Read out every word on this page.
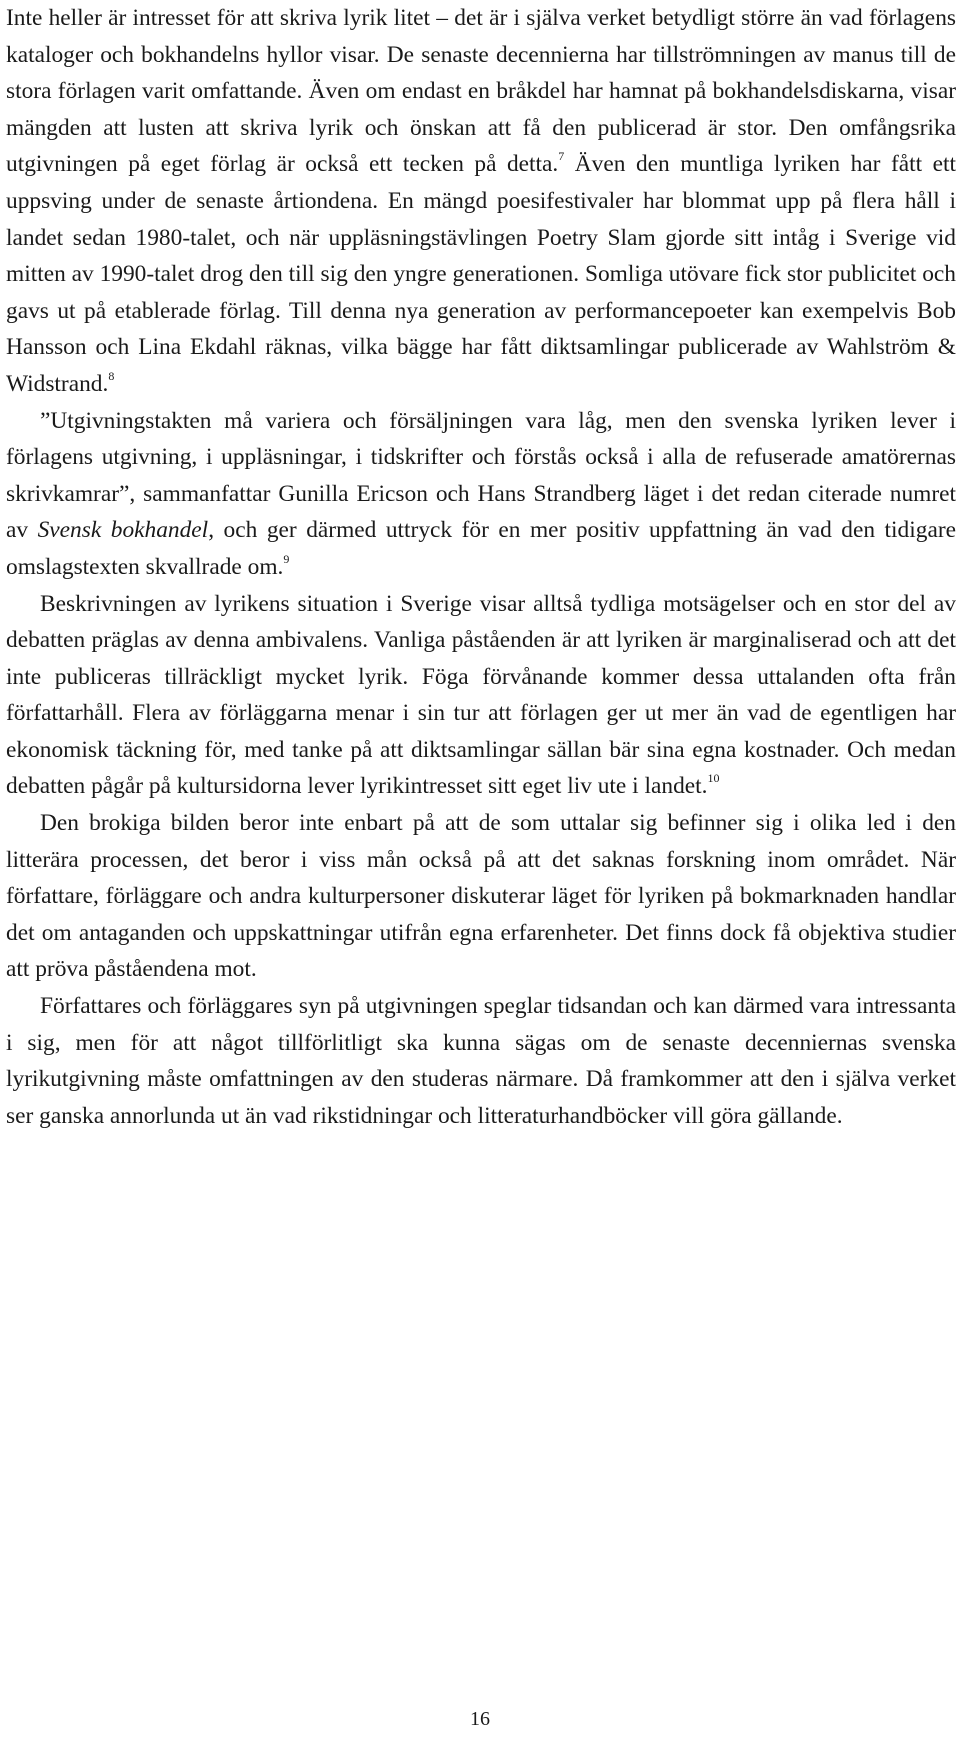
Inte heller är intresset för att skriva lyrik litet – det är i själva verket betydligt större än vad förlagens kataloger och bokhandelns hyllor visar. De senaste decennierna har tillströmningen av manus till de stora förlagen varit omfattande. Även om endast en bråkdel har hamnat på bokhandelsdiskarna, visar mängden att lusten att skriva lyrik och önskan att få den publicerad är stor. Den omfångsrika utgivningen på eget förlag är också ett tecken på detta.$^7$ Även den muntliga lyriken har fått ett uppsving under de senaste årtiondena. En mängd poesifestivaler har blommat upp på flera håll i landet sedan 1980-talet, och när uppläsningstävlingen Poetry Slam gjorde sitt intåg i Sverige vid mitten av 1990-talet drog den till sig den yngre generationen. Somliga utövare fick stor publicitet och gavs ut på etablerade förlag. Till denna nya generation av performancepoeter kan exempelvis Bob Hansson och Lina Ekdahl räknas, vilka bägge har fått diktsamlingar publicerade av Wahlström & Widstrand.$^8$

”Utgivningstakten må variera och försäljningen vara låg, men den svenska lyriken lever i förlagens utgivning, i uppläsningar, i tidskrifter och förstås också i alla de refuserade amatörernas skrivkamrar”, sammanfattar Gunilla Ericson och Hans Strandberg läget i det redan citerade numret av Svensk bokhandel, och ger därmed uttryck för en mer positiv uppfattning än vad den tidigare omslagstexten skvallrade om.$^9$

Beskrivningen av lyrikens situation i Sverige visar alltså tydliga motsägelser och en stor del av debatten präglas av denna ambivalens. Vanliga påståenden är att lyriken är marginaliserad och att det inte publiceras tillräckligt mycket lyrik. Föga förvånande kommer dessa uttalanden ofta från författarhåll. Flera av förläggarna menar i sin tur att förlagen ger ut mer än vad de egentligen har ekonomisk täckning för, med tanke på att diktsamlingar sällan bär sina egna kostnader. Och medan debatten pågår på kultursidorna lever lyrikintresset sitt eget liv ute i landet.$^{10}$

Den brokiga bilden beror inte enbart på att de som uttalar sig befinner sig i olika led i den litterära processen, det beror i viss mån också på att det saknas forskning inom området. När författare, förläggare och andra kulturpersoner diskuterar läget för lyriken på bokmarknaden handlar det om antaganden och uppskattningar utifrån egna erfarenheter. Det finns dock få objektiva studier att pröva påståendena mot.

Författares och förläggares syn på utgivningen speglar tidsandan och kan därmed vara intressanta i sig, men för att något tillförlitligt ska kunna sägas om de senaste decenniernas svenska lyrikutgivning måste omfattningen av den studeras närmare. Då framkommer att den i själva verket ser ganska annorlunda ut än vad rikstidningar och litteraturhandböcker vill göra gällande.

16
